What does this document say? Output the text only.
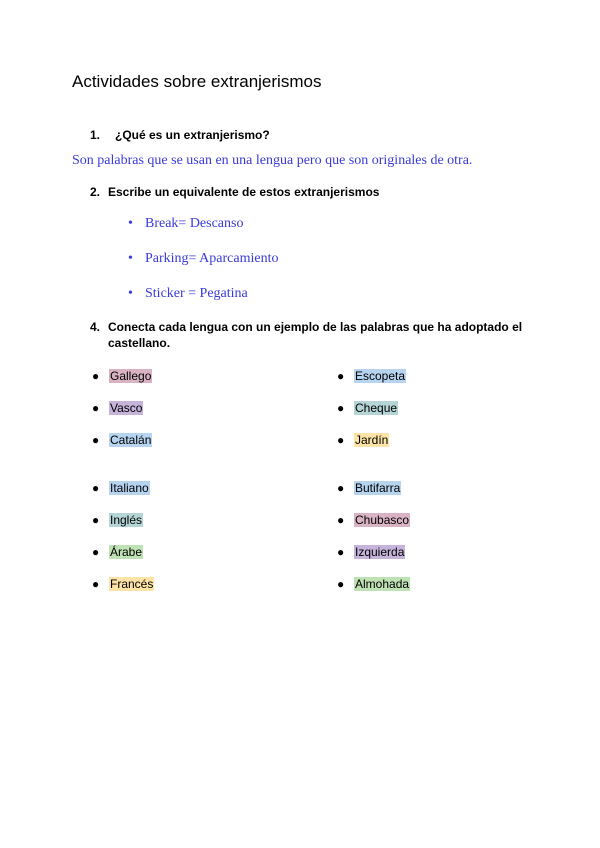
Actividades sobre extranjerismos
1. ¿Qué es un extranjerismo?
Son palabras que se usan en una lengua pero que son originales de otra.
2. Escribe un equivalente de estos extranjerismos
• Break= Descanso
• Parking= Aparcamiento
• Sticker = Pegatina
4. Conecta cada lengua con un ejemplo de las palabras que ha adoptado el
castellano.
● Gallego
● Vasco
● Catalán
● Italiano
● Inglés
● Árabe
● Francés
● Escopeta
● Cheque
● Jardín
● Butifarra
● Chubasco
● Izquierda
● Almohada
